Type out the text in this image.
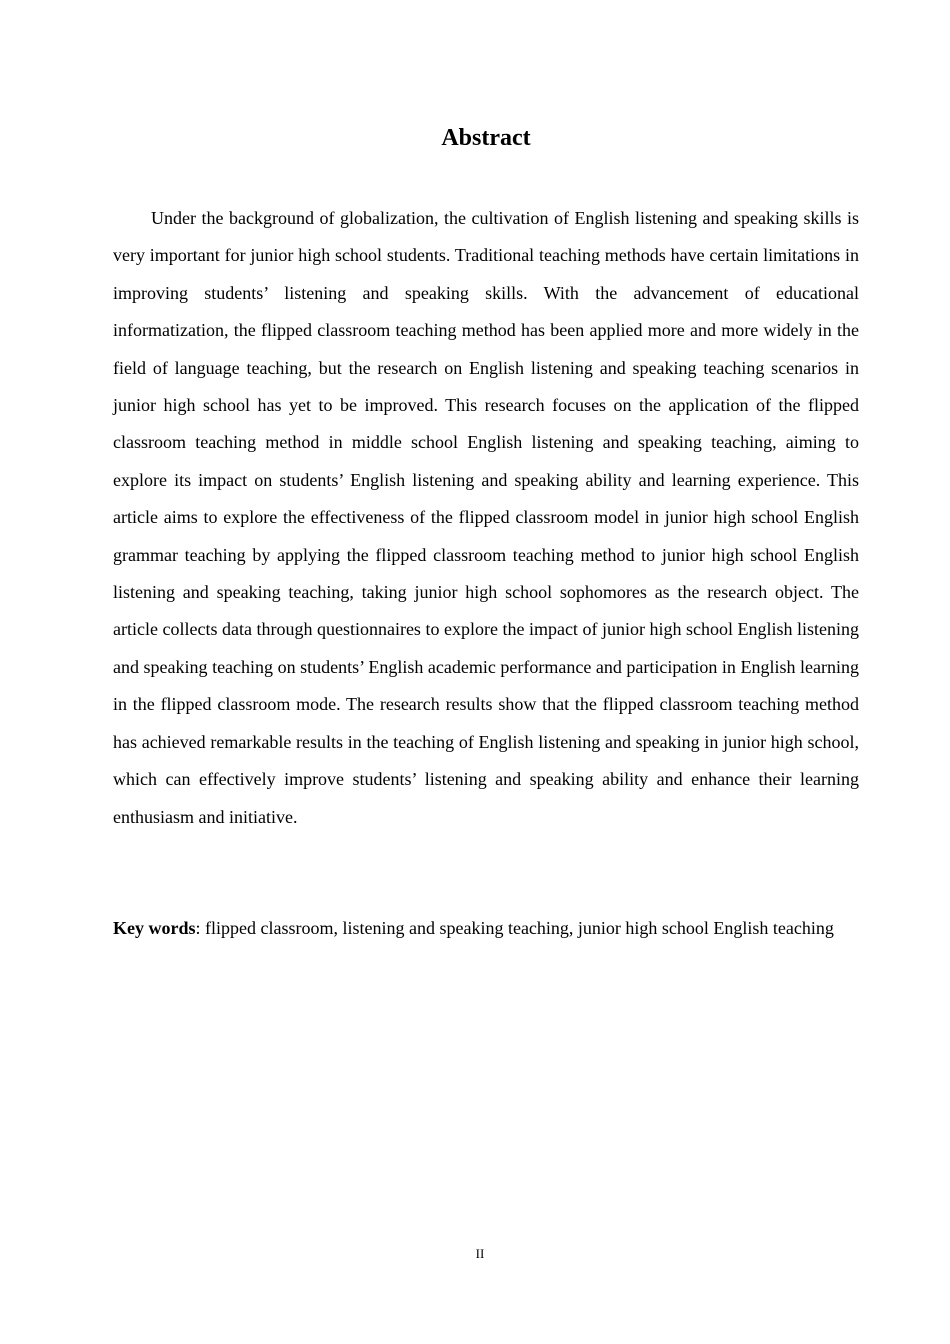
Abstract

Under the background of globalization, the cultivation of English listening and speaking skills is very important for junior high school students. Traditional teaching methods have certain limitations in improving students’ listening and speaking skills. With the advancement of educational informatization, the flipped classroom teaching method has been applied more and more widely in the field of language teaching, but the research on English listening and speaking teaching scenarios in junior high school has yet to be improved. This research focuses on the application of the flipped classroom teaching method in middle school English listening and speaking teaching, aiming to explore its impact on students’ English listening and speaking ability and learning experience. This article aims to explore the effectiveness of the flipped classroom model in junior high school English grammar teaching by applying the flipped classroom teaching method to junior high school English listening and speaking teaching, taking junior high school sophomores as the research object. The article collects data through questionnaires to explore the impact of junior high school English listening and speaking teaching on students’ English academic performance and participation in English learning in the flipped classroom mode. The research results show that the flipped classroom teaching method has achieved remarkable results in the teaching of English listening and speaking in junior high school, which can effectively improve students’ listening and speaking ability and enhance their learning enthusiasm and initiative.

Key words: flipped classroom, listening and speaking teaching, junior high school English teaching

II
